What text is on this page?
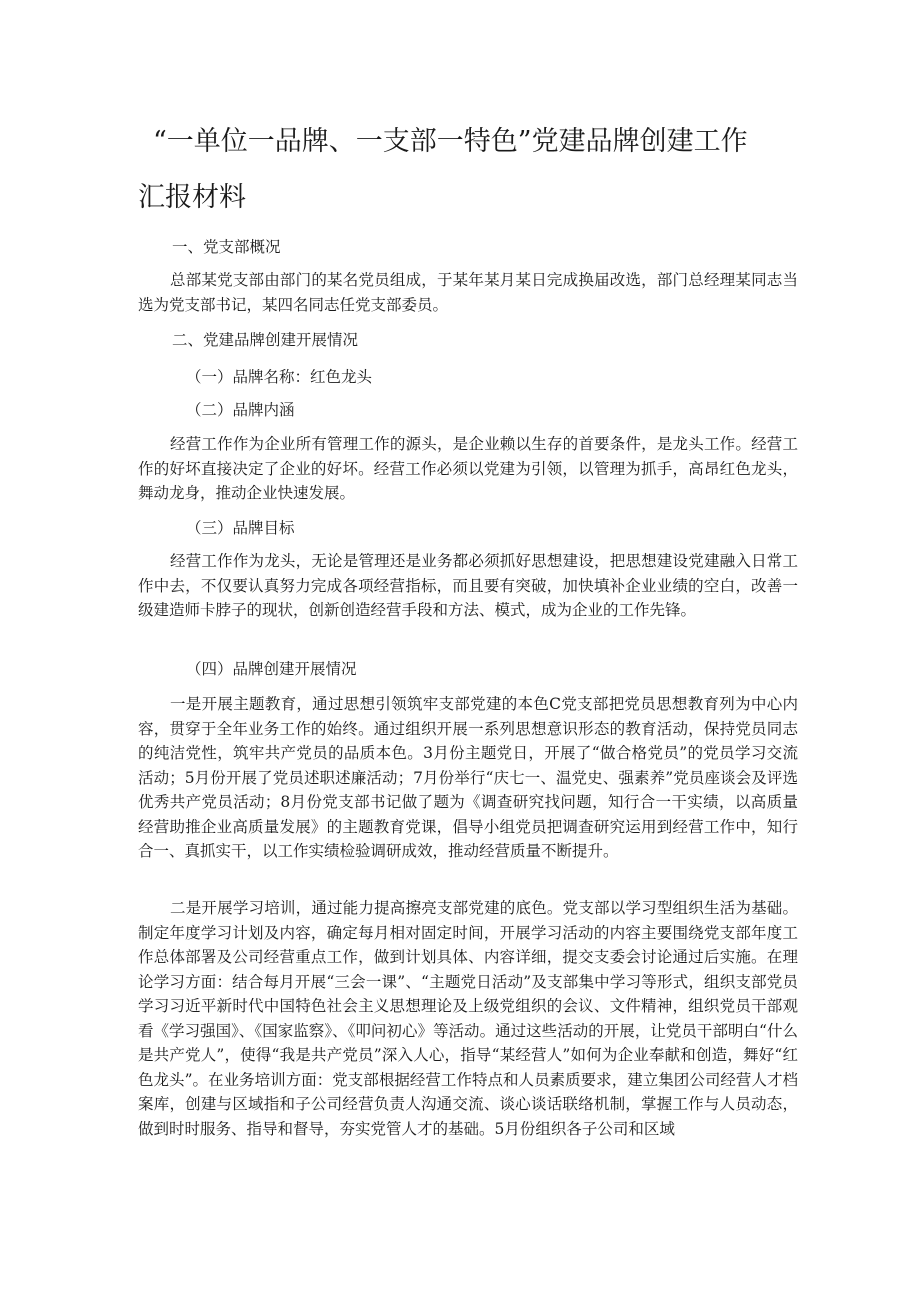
“一单位一品牌、一支部一特色”党建品牌创建工作
汇报材料

一、党支部概况

总部某党支部由部门的某名党员组成，于某年某月某日完成换届改选，部门总经理某同志当选为党支部书记，某四名同志任党支部委员。

二、党建品牌创建开展情况

（一）品牌名称：红色龙头

（二）品牌内涵

经营工作作为企业所有管理工作的源头，是企业赖以生存的首要条件，是龙头工作。经营工作的好坏直接决定了企业的好坏。经营工作必须以党建为引领，以管理为抓手，高昂红色龙头，舞动龙身，推动企业快速发展。

（三）品牌目标

经营工作作为龙头，无论是管理还是业务都必须抓好思想建设，把思想建设党建融入日常工作中去，不仅要认真努力完成各项经营指标，而且要有突破，加快填补企业业绩的空白，改善一级建造师卡脖子的现状，创新创造经营手段和方法、模式，成为企业的工作先锋。

（四）品牌创建开展情况

一是开展主题教育，通过思想引领筑牢支部党建的本色C党支部把党员思想教育列为中心内容，贯穿于全年业务工作的始终。通过组织开展一系列思想意识形态的教育活动，保持党员同志的纯洁党性，筑牢共产党员的品质本色。3月份主题党日，开展了“做合格党员”的党员学习交流活动；5月份开展了党员述职述廉活动；7月份举行“庆七一、温党史、强素养”党员座谈会及评选优秀共产党员活动；8月份党支部书记做了题为《调查研究找问题，知行合一干实绩，以高质量经营助推企业高质量发展》的主题教育党课，倡导小组党员把调查研究运用到经营工作中，知行合一、真抓实干，以工作实绩检验调研成效，推动经营质量不断提升。

二是开展学习培训，通过能力提高擦亮支部党建的底色。党支部以学习型组织生活为基础。制定年度学习计划及内容，确定每月相对固定时间，开展学习活动的内容主要围绕党支部年度工作总体部署及公司经营重点工作，做到计划具体、内容详细，提交支委会讨论通过后实施。在理论学习方面：结合每月开展“三会一课”、“主题党日活动”及支部集中学习等形式，组织支部党员学习习近平新时代中国特色社会主义思想理论及上级党组织的会议、文件精神，组织党员干部观看《学习强国》、《国家监察》、《叩问初心》等活动。通过这些活动的开展，让党员干部明白“什么是共产党人”，使得“我是共产党员”深入人心，指导“某经营人”如何为企业奉献和创造，舞好“红色龙头”。在业务培训方面：党支部根据经营工作特点和人员素质要求，建立集团公司经营人才档案库，创建与区域指和子公司经营负责人沟通交流、谈心谈话联络机制，掌握工作与人员动态，做到时时服务、指导和督导，夯实党管人才的基础。5月份组织各子公司和区域
